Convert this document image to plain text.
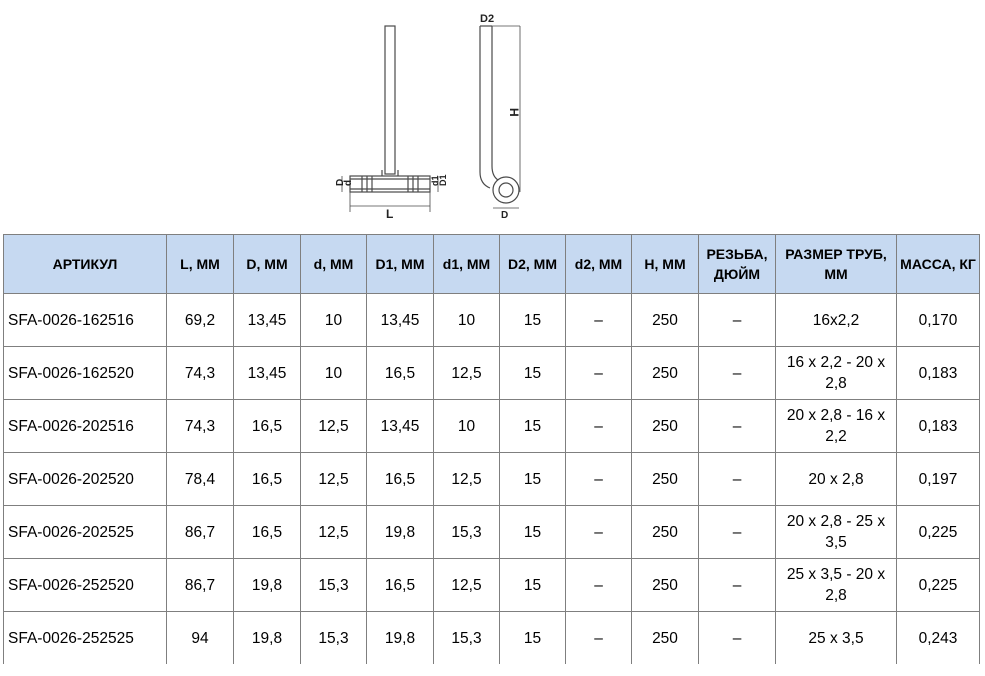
D
d
L
D1
d1
D2
H
D
АРТИКУЛ	L, ММ	D, ММ	d, ММ	D1, ММ	d1, ММ	D2, ММ	d2, ММ	H, ММ	РЕЗЬБА, ДЮЙМ	РАЗМЕР ТРУБ, ММ	МАССА, КГ
SFA-0026-162516	69,2	13,45	10	13,45	10	15	–	250	–	16х2,2	0,170
SFA-0026-162520	74,3	13,45	10	16,5	12,5	15	–	250	–	16 х 2,2 - 20 х 2,8	0,183
SFA-0026-202516	74,3	16,5	12,5	13,45	10	15	–	250	–	20 х 2,8 - 16 х 2,2	0,183
SFA-0026-202520	78,4	16,5	12,5	16,5	12,5	15	–	250	–	20 х 2,8	0,197
SFA-0026-202525	86,7	16,5	12,5	19,8	15,3	15	–	250	–	20 х 2,8 - 25 х 3,5	0,225
SFA-0026-252520	86,7	19,8	15,3	16,5	12,5	15	–	250	–	25 х 3,5 - 20 х 2,8	0,225
SFA-0026-252525	94	19,8	15,3	19,8	15,3	15	–	250	–	25 х 3,5	0,243
